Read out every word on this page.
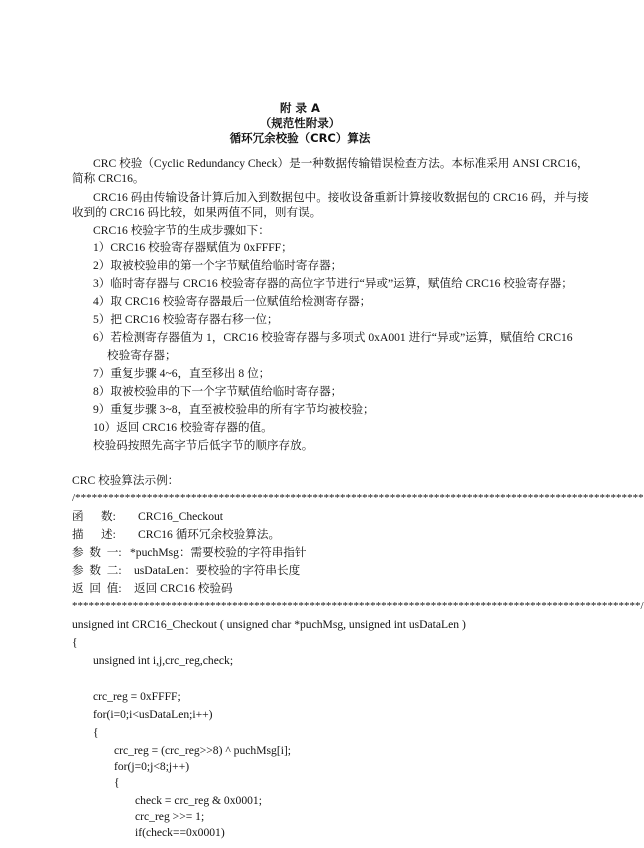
附 录 A
（规范性附录）
循环冗余校验（CRC）算法
CRC 校验（Cyclic Redundancy Check）是一种数据传输错误检查方法。本标准采用 ANSI CRC16，
简称 CRC16。
CRC16 码由传输设备计算后加入到数据包中。接收设备重新计算接收数据包的 CRC16 码，并与接
收到的 CRC16 码比较，如果两值不同，则有误。
CRC16 校验字节的生成步骤如下：
1）CRC16 校验寄存器赋值为 0xFFFF；
2）取被校验串的第一个字节赋值给临时寄存器；
3）临时寄存器与 CRC16 校验寄存器的高位字节进行“异或”运算，赋值给 CRC16 校验寄存器；
4）取 CRC16 校验寄存器最后一位赋值给检测寄存器；
5）把 CRC16 校验寄存器右移一位；
6）若检测寄存器值为 1，CRC16 校验寄存器与多项式 0xA001 进行“异或”运算，赋值给 CRC16
校验寄存器；
7）重复步骤 4~6，直至移出 8 位；
8）取被校验串的下一个字节赋值给临时寄存器；
9）重复步骤 3~8，直至被校验串的所有字节均被校验；
10）返回 CRC16 校验寄存器的值。
校验码按照先高字节后低字节的顺序存放。
CRC 校验算法示例：
/*******************************************************************************************************
函      数: CRC16_Checkout
描      述: CRC16 循环冗余校验算法。
参  数  一: *puchMsg：需要校验的字符串指针
参  数  二: usDataLen：要校验的字符串长度
返  回  值: 返回 CRC16 校验码
*******************************************************************************************************/
unsigned int CRC16_Checkout ( unsigned char *puchMsg, unsigned int usDataLen )
{
unsigned int i,j,crc_reg,check;
crc_reg = 0xFFFF;
for(i=0;i<usDataLen;i++)
{
crc_reg = (crc_reg>>8) ^ puchMsg[i];
for(j=0;j<8;j++)
{
check = crc_reg & 0x0001;
crc_reg >>= 1;
if(check==0x0001)
